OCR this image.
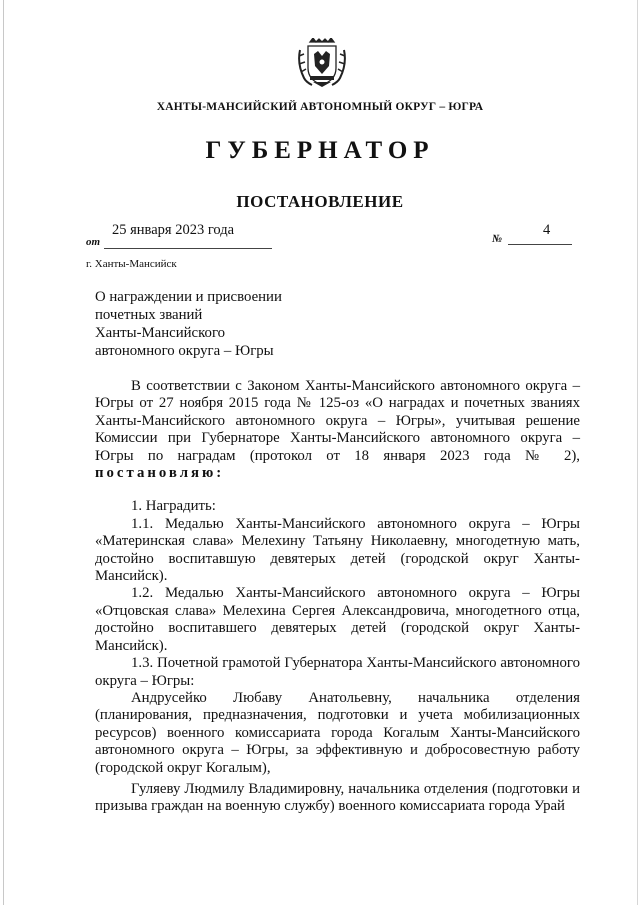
ХАНТЫ-МАНСИЙСКИЙ АВТОНОМНЫЙ ОКРУГ – ЮГРА
ГУБЕРНАТОР
ПОСТАНОВЛЕНИЕ
25 января 2023 года
от	№
4
г. Ханты-Мансийск
О награждении и присвоении
почетных званий
Ханты-Мансийского
автономного округа – Югры

В соответствии с Законом Ханты-Мансийского автономного округа – Югры от 27 ноября 2015 года № 125-оз «О наградах и почетных званиях Ханты-Мансийского автономного округа – Югры», учитывая решение Комиссии при Губернаторе Ханты-Мансийского автономного округа – Югры по наградам (протокол от 18 января 2023 года № 2), постановляю:

1. Наградить:

1.1. Медалью Ханты-Мансийского автономного округа – Югры «Материнская слава» Мелехину Татьяну Николаевну, многодетную мать, достойно воспитавшую девятерых детей (городской округ Ханты-Мансийск).

1.2. Медалью Ханты-Мансийского автономного округа – Югры «Отцовская слава» Мелехина Сергея Александровича, многодетного отца, достойно воспитавшего девятерых детей (городской округ Ханты-Мансийск).

1.3. Почетной грамотой Губернатора Ханты-Мансийского автономного округа – Югры:

Андрусейко Любаву Анатольевну, начальника отделения (планирования, предназначения, подготовки и учета мобилизационных ресурсов) военного комиссариата города Когалым Ханты-Мансийского автономного округа – Югры, за эффективную и добросовестную работу (городской округ Когалым),

Гуляеву Людмилу Владимировну, начальника отделения (подготовки и призыва граждан на военную службу) военного комиссариата города Урай
